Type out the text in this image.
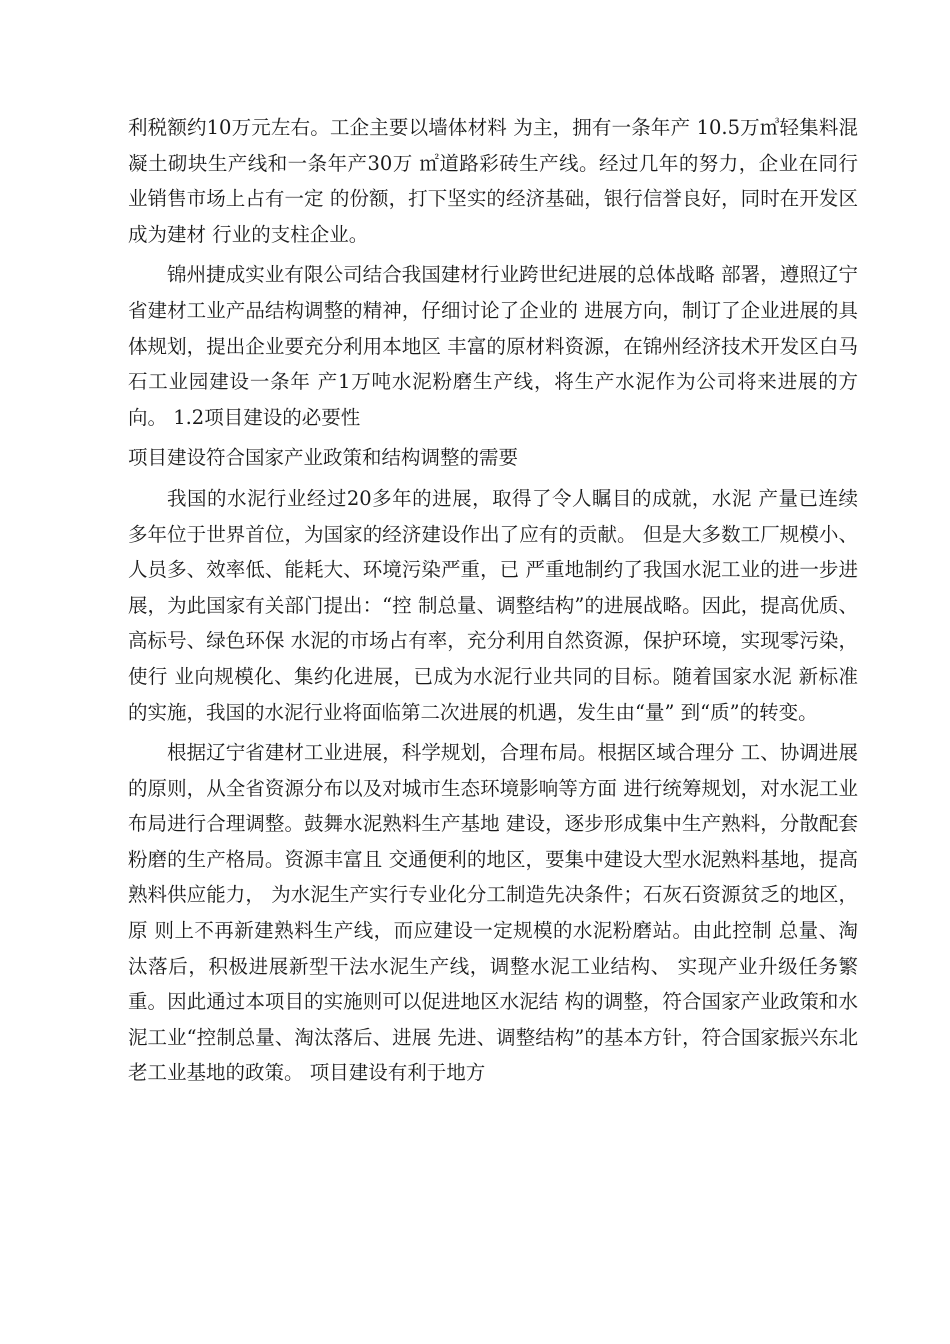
利税额约10万元左右。工企主要以墙体材料 为主，拥有一条年产 10.5万㎥轻集料混凝土砌块生产线和一条年产30万 ㎡道路彩砖生产线。经过几年的努力，企业在同行业销售市场上占有一定 的份额，打下坚实的经济基础，银行信誉良好，同时在开发区成为建材 行业的支柱企业。

锦州捷成实业有限公司结合我国建材行业跨世纪进展的总体战略 部署，遵照辽宁省建材工业产品结构调整的精神，仔细讨论了企业的 进展方向，制订了企业进展的具体规划，提出企业要充分利用本地区 丰富的原材料资源，在锦州经济技术开发区白马石工业园建设一条年 产1万吨水泥粉磨生产线，将生产水泥作为公司将来进展的方向。 1.2项目建设的必要性

项目建设符合国家产业政策和结构调整的需要

我国的水泥行业经过20多年的进展，取得了令人瞩目的成就，水泥 产量已连续多年位于世界首位，为国家的经济建设作出了应有的贡献。 但是大多数工厂规模小、人员多、效率低、能耗大、环境污染严重，已 严重地制约了我国水泥工业的进一步进展，为此国家有关部门提出：“控 制总量、调整结构”的进展战略。因此，提高优质、高标号、绿色环保 水泥的市场占有率，充分利用自然资源，保护环境，实现零污染，使行 业向规模化、集约化进展，已成为水泥行业共同的目标。随着国家水泥 新标准的实施，我国的水泥行业将面临第二次进展的机遇，发生由“量” 到“质”的转变。

根据辽宁省建材工业进展，科学规划，合理布局。根据区域合理分 工、协调进展的原则，从全省资源分布以及对城市生态环境影响等方面 进行统筹规划，对水泥工业布局进行合理调整。鼓舞水泥熟料生产基地 建设，逐步形成集中生产熟料，分散配套粉磨的生产格局。资源丰富且 交通便利的地区，要集中建设大型水泥熟料基地，提高熟料供应能力， 为水泥生产实行专业化分工制造先决条件；石灰石资源贫乏的地区，原 则上不再新建熟料生产线，而应建设一定规模的水泥粉磨站。由此控制 总量、淘汰落后，积极进展新型干法水泥生产线，调整水泥工业结构、 实现产业升级任务繁重。因此通过本项目的实施则可以促进地区水泥结 构的调整，符合国家产业政策和水泥工业“控制总量、淘汰落后、进展 先进、调整结构”的基本方针，符合国家振兴东北老工业基地的政策。 项目建设有利于地方
